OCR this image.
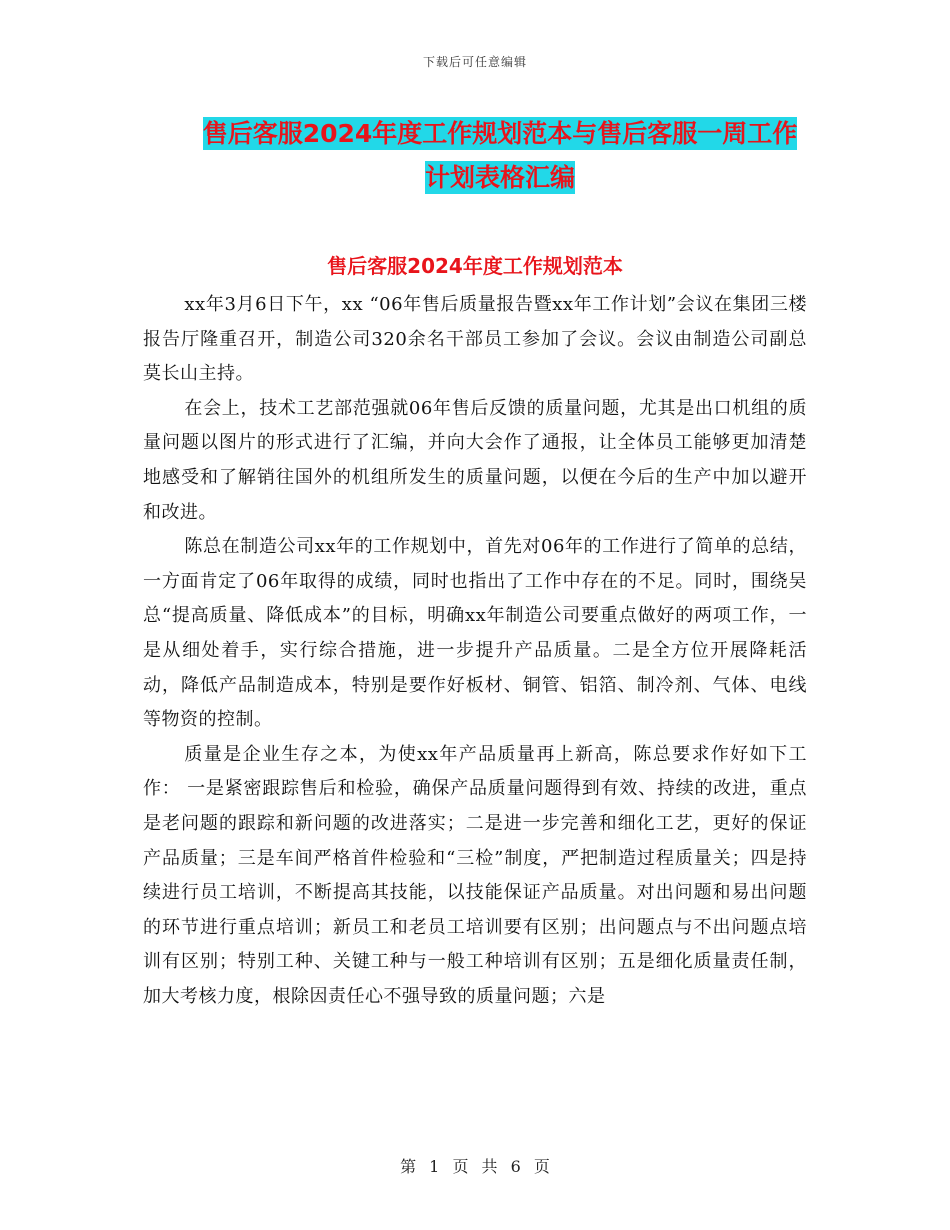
下载后可任意编辑
售后客服2024年度工作规划范本与售后客服一周工作
计划表格汇编
售后客服2024年度工作规划范本

xx年3月6日下午，xx “06年售后质量报告暨xx年工作计划”会议在集团三楼报告厅隆重召开，制造公司320余名干部员工参加了会议。会议由制造公司副总莫长山主持。

在会上，技术工艺部范强就06年售后反馈的质量问题，尤其是出口机组的质量问题以图片的形式进行了汇编，并向大会作了通报，让全体员工能够更加清楚地感受和了解销往国外的机组所发生的质量问题，以便在今后的生产中加以避开和改进。

陈总在制造公司xx年的工作规划中，首先对06年的工作进行了简单的总结，一方面肯定了06年取得的成绩，同时也指出了工作中存在的不足。同时，围绕吴总“提高质量、降低成本”的目标，明确xx年制造公司要重点做好的两项工作，一是从细处着手，实行综合措施，进一步提升产品质量。二是全方位开展降耗活动，降低产品制造成本，特别是要作好板材、铜管、铝箔、制冷剂、气体、电线等物资的控制。

质量是企业生存之本，为使xx年产品质量再上新高，陈总要求作好如下工作： 一是紧密跟踪售后和检验，确保产品质量问题得到有效、持续的改进，重点是老问题的跟踪和新问题的改进落实；二是进一步完善和细化工艺，更好的保证产品质量；三是车间严格首件检验和“三检”制度，严把制造过程质量关；四是持续进行员工培训，不断提高其技能，以技能保证产品质量。对出问题和易出问题的环节进行重点培训；新员工和老员工培训要有区别；出问题点与不出问题点培训有区别；特别工种、关键工种与一般工种培训有区别；五是细化质量责任制，加大考核力度，根除因责任心不强导致的质量问题；六是

第 1 页 共 6 页
